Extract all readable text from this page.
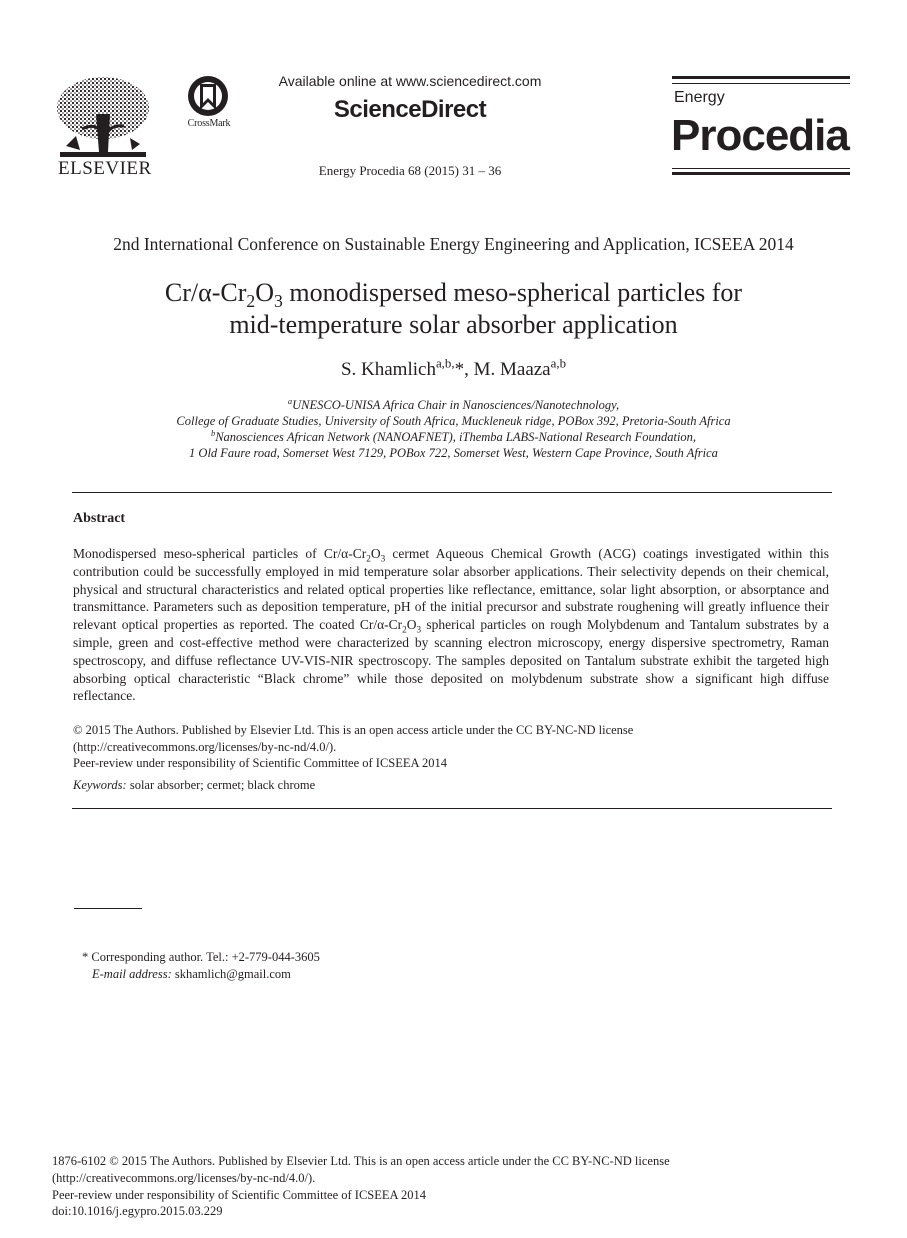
ELSEVIER
CrossMark
Available online at www.sciencedirect.com
ScienceDirect
Energy Procedia 68 (2015) 31 – 36
Energy
Procedia
2nd International Conference on Sustainable Energy Engineering and Application, ICSEEA 2014
$Cr/\alpha-Cr_2O_3$ monodispersed meso-spherical particles for
mid-temperature solar absorber application
S. Khamlich$^{a,b,}$*, M. Maaza$^{a,b}$
$^a$UNESCO-UNISA Africa Chair in Nanosciences/Nanotechnology,
College of Graduate Studies, University of South Africa, Muckleneuk ridge, POBox 392, Pretoria-South Africa
$^b$Nanosciences African Network (NANOAFNET), iThemba LABS-National Research Foundation,
1 Old Faure road, Somerset West 7129, POBox 722, Somerset West, Western Cape Province, South Africa
Abstract
Monodispersed meso-spherical particles of $Cr/\alpha-Cr_2O_3$ cermet Aqueous Chemical Growth (ACG) coatings investigated within this contribution could be successfully employed in mid temperature solar absorber applications. Their selectivity depends on their chemical, physical and structural characteristics and related optical properties like reflectance, emittance, solar light absorption, or absorptance and transmittance. Parameters such as deposition temperature, pH of the initial precursor and substrate roughening will greatly influence their relevant optical properties as reported. The coated $Cr/\alpha-Cr_2O_3$ spherical particles on rough Molybdenum and Tantalum substrates by a simple, green and cost-effective method were characterized by scanning electron microscopy, energy dispersive spectrometry, Raman spectroscopy, and diffuse reflectance UV-VIS-NIR spectroscopy. The samples deposited on Tantalum substrate exhibit the targeted high absorbing optical characteristic “Black chrome” while those deposited on molybdenum substrate show a significant high diffuse reflectance.
© 2015 The Authors. Published by Elsevier Ltd. This is an open access article under the CC BY-NC-ND license
(http://creativecommons.org/licenses/by-nc-nd/4.0/).
Peer-review under responsibility of Scientific Committee of ICSEEA 2014
Keywords: solar absorber; cermet; black chrome
* Corresponding author. Tel.: +2-779-044-3605
E-mail address: skhamlich@gmail.com
1876-6102 © 2015 The Authors. Published by Elsevier Ltd. This is an open access article under the CC BY-NC-ND license
(http://creativecommons.org/licenses/by-nc-nd/4.0/).
Peer-review under responsibility of Scientific Committee of ICSEEA 2014
doi:10.1016/j.egypro.2015.03.229
